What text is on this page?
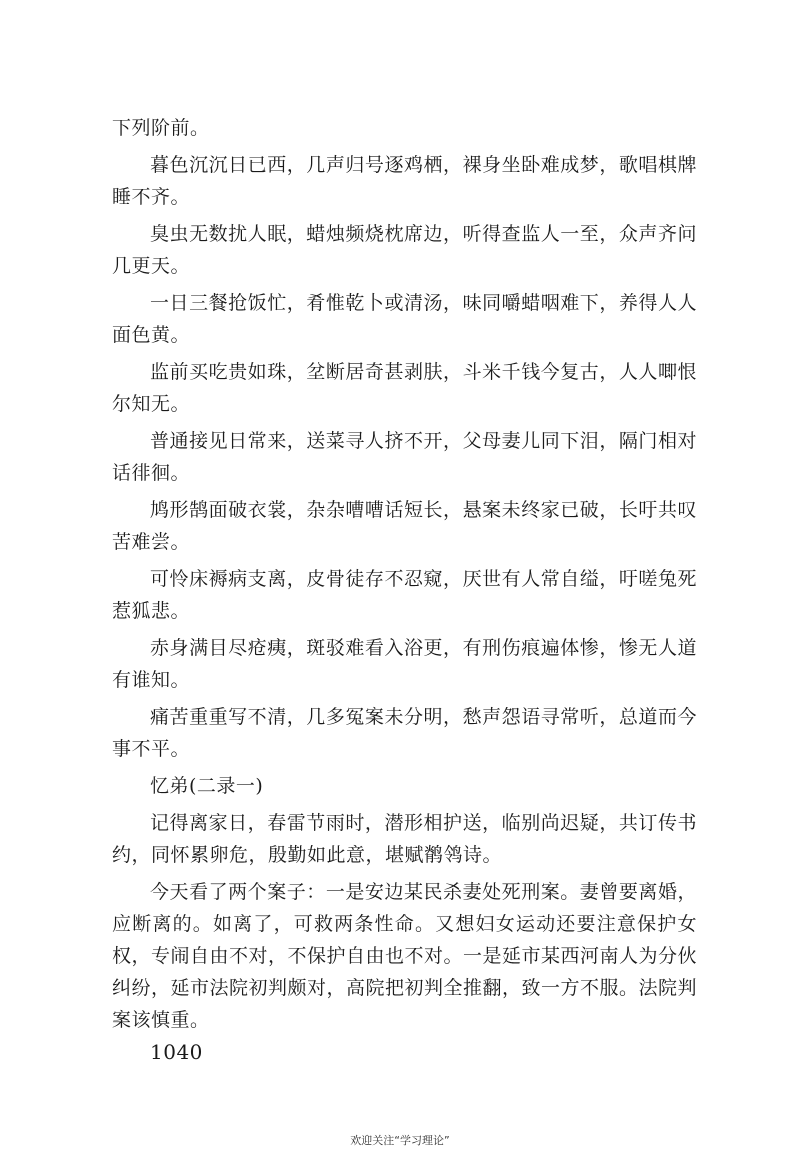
下列阶前。

暮色沉沉日已西，几声归号逐鸡栖，裸身坐卧难成梦，歌唱棋牌睡不齐。

臭虫无数扰人眠，蜡烛频烧枕席边，听得查监人一至，众声齐问几更天。

一日三餐抢饭忙，肴惟乾卜或清汤，味同嚼蜡咽难下，养得人人面色黄。

监前买吃贵如珠，坌断居奇甚剥肤，斗米千钱今复古，人人唧恨尔知无。

普通接见日常来，送菜寻人挤不开，父母妻儿同下泪，隔门相对话徘徊。

鸠形鹄面破衣裳，杂杂嘈嘈话短长，悬案未终家已破，长吁共叹苦难尝。

可怜床褥病支离，皮骨徒存不忍窥，厌世有人常自缢，吁嗟兔死惹狐悲。

赤身满目尽疮痍，斑驳难看入浴更，有刑伤痕遍体惨，惨无人道有谁知。

痛苦重重写不清，几多冤案未分明，愁声怨语寻常听，总道而今事不平。

忆弟(二录一)

记得离家日，春雷节雨时，潜形相护送，临别尚迟疑，共订传书约，同怀累卵危，殷勤如此意，堪赋鹡鸰诗。

今天看了两个案子：一是安边某民杀妻处死刑案。妻曾要离婚，应断离的。如离了，可救两条性命。又想妇女运动还要注意保护女权，专闹自由不对，不保护自由也不对。一是延市某西河南人为分伙纠纷，延市法院初判颇对，高院把初判全推翻，致一方不服。法院判案该慎重。

1040
欢迎关注“学习理论”
